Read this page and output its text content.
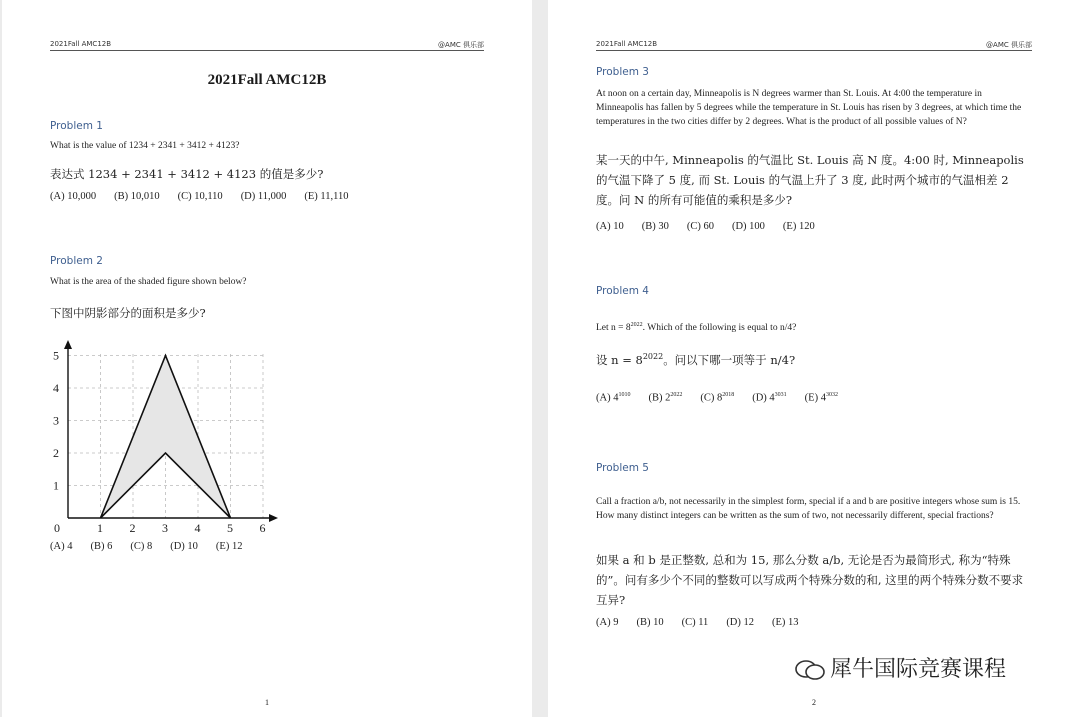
2021Fall AMC12B	@AMC 俱乐部
2021Fall AMC12B
Problem 1
What is the value of 1234 + 2341 + 3412 + 4123?
表达式 1234 + 2341 + 3412 + 4123 的值是多少?
(A) 10,000 (B) 10,010 (C) 10,110 (D) 11,000 (E) 11,110
Problem 2
What is the area of the shaded figure shown below?
下图中阴影部分的面积是多少?
0	1 2 3 4 5 6
1
2
3
4
5
(A) 4 (B) 6 (C) 8 (D) 10 (E) 12
1
2021Fall AMC12B	@AMC 俱乐部
Problem 3
At noon on a certain day, Minneapolis is N degrees warmer than St. Louis. At 4:00 the temperature in Minneapolis has fallen by 5 degrees while the temperature in St. Louis has risen by 3 degrees, at which time the temperatures in the two cities differ by 2 degrees. What is the product of all possible values of N?
某一天的中午, Minneapolis 的气温比 St. Louis 高 N 度。4:00 时, Minneapolis 的气温下降了 5 度, 而 St. Louis 的气温上升了 3 度, 此时两个城市的气温相差 2 度。问 N 的所有可能值的乘积是多少?
(A) 10 (B) 30 (C) 60 (D) 100 (E) 120
Problem 4
Let $n = 8^{2022}$. Which of the following is equal to n/4?
设 $n = 8^{2022}$。问以下哪一项等于 n/4?
(A) $4^{1010}$ (B) $2^{2022}$ (C) $8^{2018}$ (D) $4^{3031}$ (E) $4^{3032}$
Problem 5
Call a fraction a/b, not necessarily in the simplest form, special if a and b are positive integers whose sum is 15. How many distinct integers can be written as the sum of two, not necessarily different, special fractions?
如果 a 和 b 是正整数, 总和为 15, 那么分数 a/b, 无论是否为最简形式, 称为“特殊的”。问有多少个不同的整数可以写成两个特殊分数的和, 这里的两个特殊分数不要求互异?
(A) 9 (B) 10 (C) 11 (D) 12 (E) 13
2
犀牛国际竞赛课程
